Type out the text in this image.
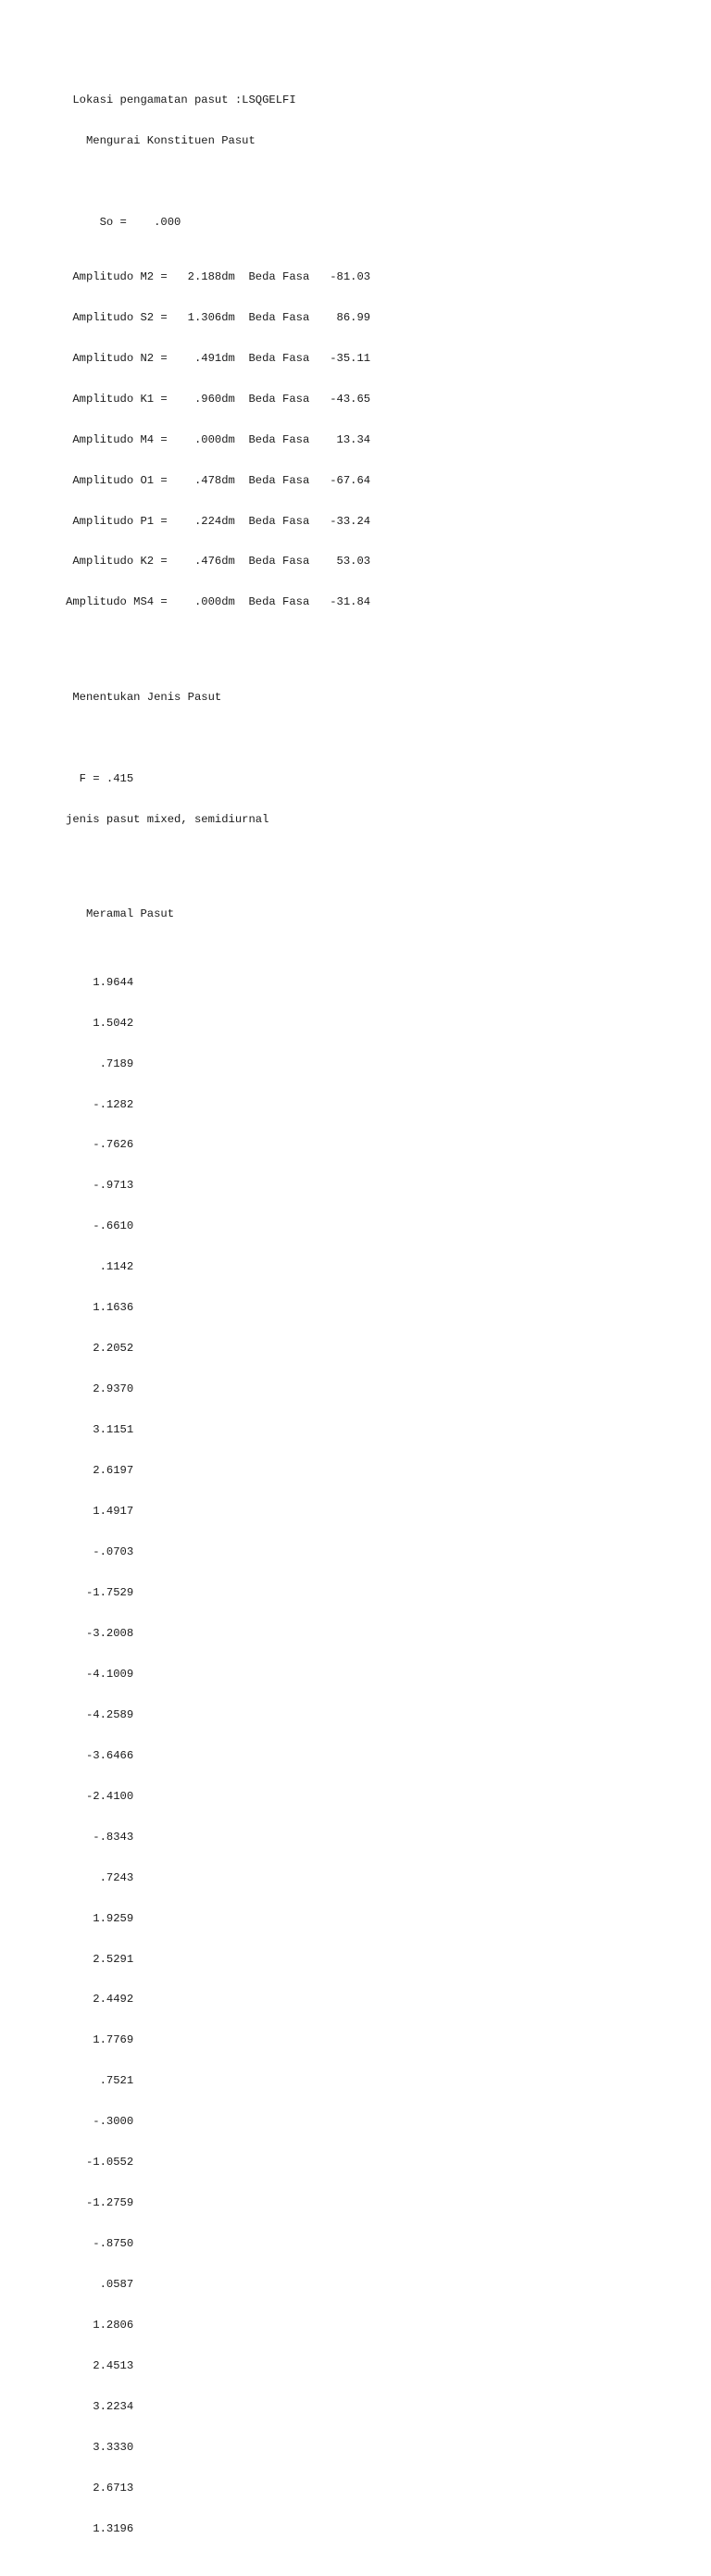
Lokasi pengamatan pasut :LSQGELFI

Mengurai Konstituen Pasut

So =    .000

Amplitudo M2 =   2.188dm  Beda Fasa   -81.03

Amplitudo S2 =   1.306dm  Beda Fasa    86.99

Amplitudo N2 =    .491dm  Beda Fasa   -35.11

Amplitudo K1 =    .960dm  Beda Fasa   -43.65

Amplitudo M4 =    .000dm  Beda Fasa    13.34

Amplitudo O1 =    .478dm  Beda Fasa   -67.64

Amplitudo P1 =    .224dm  Beda Fasa   -33.24

Amplitudo K2 =    .476dm  Beda Fasa    53.03

Amplitudo MS4 =    .000dm  Beda Fasa   -31.84

Menentukan Jenis Pasut

F = .415

jenis pasut mixed, semidiurnal

Meramal Pasut

1.9644

1.5042

.7189

-.1282

-.7626

-.9713

-.6610

.1142

1.1636

2.2052

2.9370

3.1151

2.6197

1.4917

-.0703

-1.7529

-3.2008

-4.1009

-4.2589

-3.6466

-2.4100

-.8343

.7243

1.9259

2.5291

2.4492

1.7769

.7521

-.3000

-1.0552

-1.2759

-.8750

.0587

1.2806

2.4513

3.2234

3.3330

2.6713

1.3196
